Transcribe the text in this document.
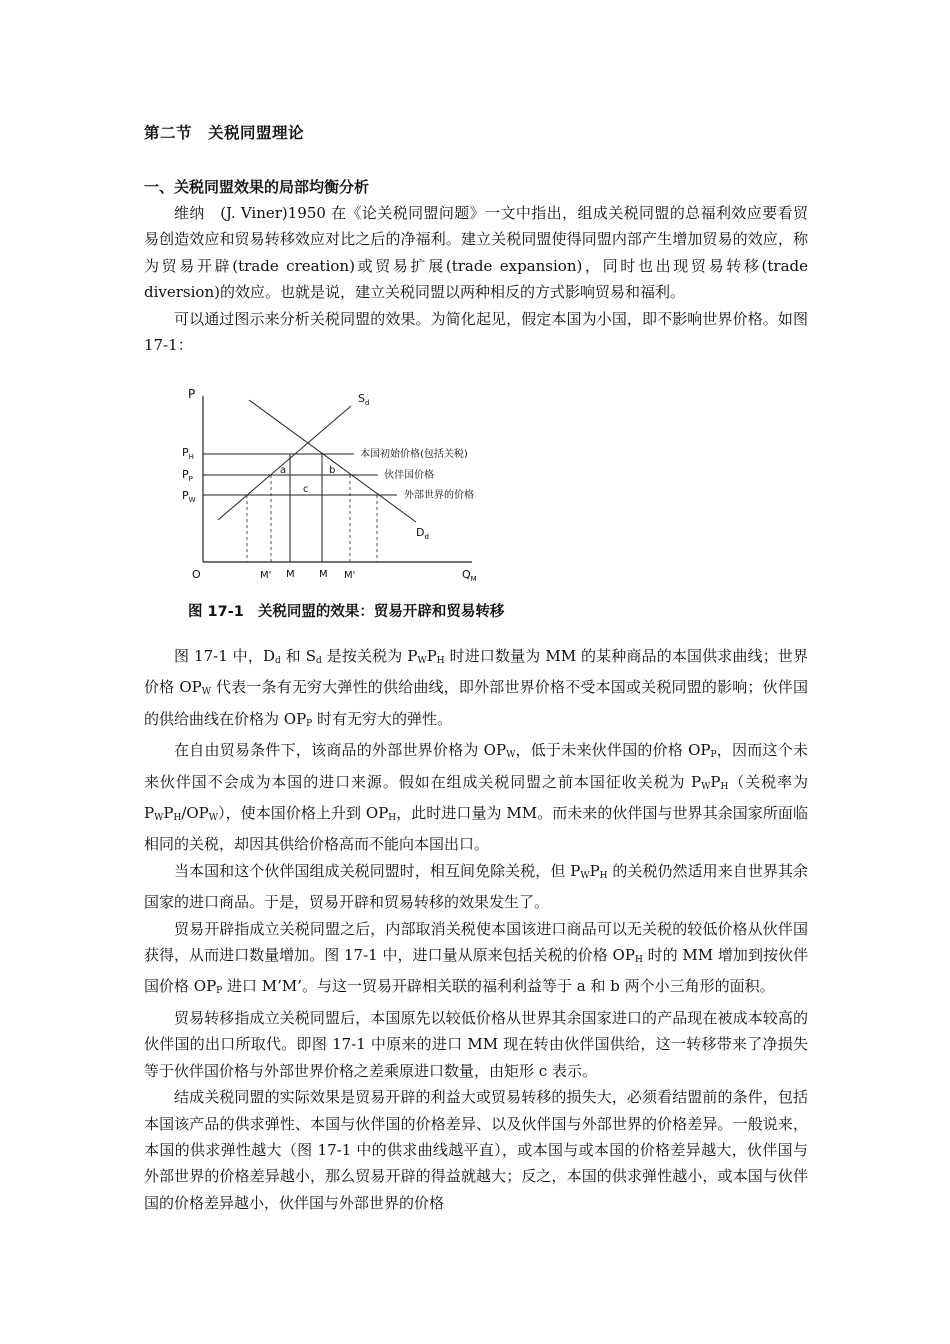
第二节　关税同盟理论
一、关税同盟效果的局部均衡分析

维纳　(J. Viner)1950 在《论关税同盟问题》一文中指出，组成关税同盟的总福利效应要看贸易创造效应和贸易转移效应对比之后的净福利。建立关税同盟使得同盟内部产生增加贸易的效应，称为贸易开辟(trade creation)或贸易扩展(trade expansion)，同时也出现贸易转移(trade diversion)的效应。也就是说，建立关税同盟以两种相反的方式影响贸易和福利。

可以通过图示来分析关税同盟的效果。为简化起见，假定本国为小国，即不影响世界价格。如图 17-1：

P
O	$Q_M$
$S_d$
$D_d$
$P_H$
$P_P$
$P_W$
本国初始价格(包括关税)
伙伴国价格
外部世界的价格
a	b
c
M' M M M'
图 17-1 关税同盟的效果：贸易开辟和贸易转移

图 17-1 中，$D_d$ 和 $S_d$ 是按关税为 $P_WP_H$ 时进口数量为 MM 的某种商品的本国供求曲线；世界价格 $OP_W$ 代表一条有无穷大弹性的供给曲线，即外部世界价格不受本国或关税同盟的影响；伙伴国的供给曲线在价格为 $OP_P$ 时有无穷大的弹性。

在自由贸易条件下，该商品的外部世界价格为 $OP_W$，低于未来伙伴国的价格 $OP_P$，因而这个未来伙伴国不会成为本国的进口来源。假如在组成关税同盟之前本国征收关税为 $P_WP_H$（关税率为 $P_WP_H/OP_W$），使本国价格上升到 $OP_H$，此时进口量为 MM。而未来的伙伴国与世界其余国家所面临相同的关税，却因其供给价格高而不能向本国出口。

当本国和这个伙伴国组成关税同盟时，相互间免除关税，但 $P_WP_H$ 的关税仍然适用来自世界其余国家的进口商品。于是，贸易开辟和贸易转移的效果发生了。

贸易开辟指成立关税同盟之后，内部取消关税使本国该进口商品可以无关税的较低价格从伙伴国获得，从而进口数量增加。图 17-1 中，进口量从原来包括关税的价格 $OP_H$ 时的 MM 增加到按伙伴国价格 $OP_P$ 进口 M’M’。与这一贸易开辟相关联的福利利益等于 a 和 b 两个小三角形的面积。

贸易转移指成立关税同盟后，本国原先以较低价格从世界其余国家进口的产品现在被成本较高的伙伴国的出口所取代。即图 17-1 中原来的进口 MM 现在转由伙伴国供给，这一转移带来了净损失等于伙伴国价格与外部世界价格之差乘原进口数量，由矩形 c 表示。

结成关税同盟的实际效果是贸易开辟的利益大或贸易转移的损失大，必须看结盟前的条件，包括本国该产品的供求弹性、本国与伙伴国的价格差异、以及伙伴国与外部世界的价格差异。一般说来，本国的供求弹性越大（图 17-1 中的供求曲线越平直），或本国与或本国的价格差异越大，伙伴国与外部世界的价格差异越小，那么贸易开辟的得益就越大；反之，本国的供求弹性越小，或本国与伙伴国的价格差异越小，伙伴国与外部世界的价格
